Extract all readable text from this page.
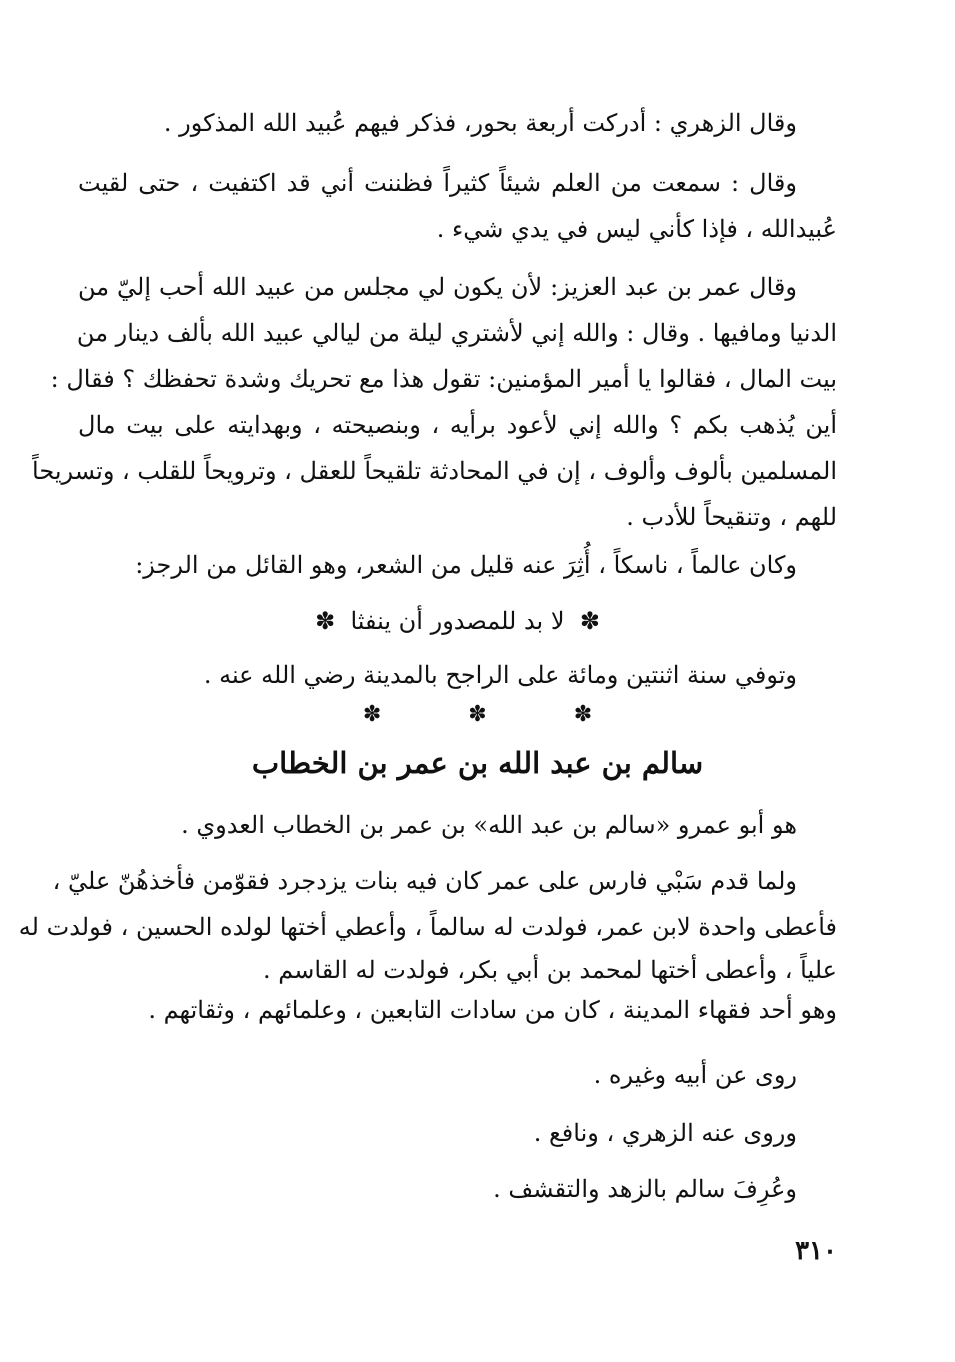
وقال الزهري : أدركت أربعة بحور، فذكر فيهم عُبيد الله المذكور .
وقال : سمعت من العلم شيئاً كثيراً فظننت أني قد اكتفيت ، حتى لقيت
عُبيدالله ، فإذا كأني ليس في يدي شيء .
وقال عمر بن عبد العزيز: لأن يكون لي مجلس من عبيد الله أحب إليّ من
الدنيا ومافيها . وقال : والله إني لأشتري ليلة من ليالي عبيد الله بألف دينار من
بيت المال ، فقالوا يا أمير المؤمنين: تقول هذا مع تحريك وشدة تحفظك ؟ فقال :
أين يُذهب بكم ؟ والله إني لأعود برأيه ، وبنصيحته ، وبهدايته على بيت مال
المسلمين بألوف وألوف ، إن في المحادثة تلقيحاً للعقل ، وترويحاً للقلب ، وتسريحاً
للهم ، وتنقيحاً للأدب .
وكان عالماً ، ناسكاً ، أُثِرَ عنه قليل من الشعر، وهو القائل من الرجز:
✽  لا بد للمصدور أن ينفثا  ✽
وتوفي سنة اثنتين ومائة على الراجح بالمدينة رضي الله عنه .
✽ ✽ ✽
سالم بن عبد الله بن عمر بن الخطاب
هو أبو عمرو «سالم بن عبد الله» بن عمر بن الخطاب العدوي .
ولما قدم سَبْي فارس على عمر كان فيه بنات يزدجرد فقوّمن فأخذهُنّ عليّ ،
فأعطى واحدة لابن عمر، فولدت له سالماً ، وأعطي أختها لولده الحسين ، فولدت له
علياً ، وأعطى أختها لمحمد بن أبي بكر، فولدت له القاسم .
وهو أحد فقهاء المدينة ، كان من سادات التابعين ، وعلمائهم ، وثقاتهم .
روى عن أبيه وغيره .
وروى عنه الزهري ، ونافع .
وعُرِفَ سالم بالزهد والتقشف .
٣١٠
